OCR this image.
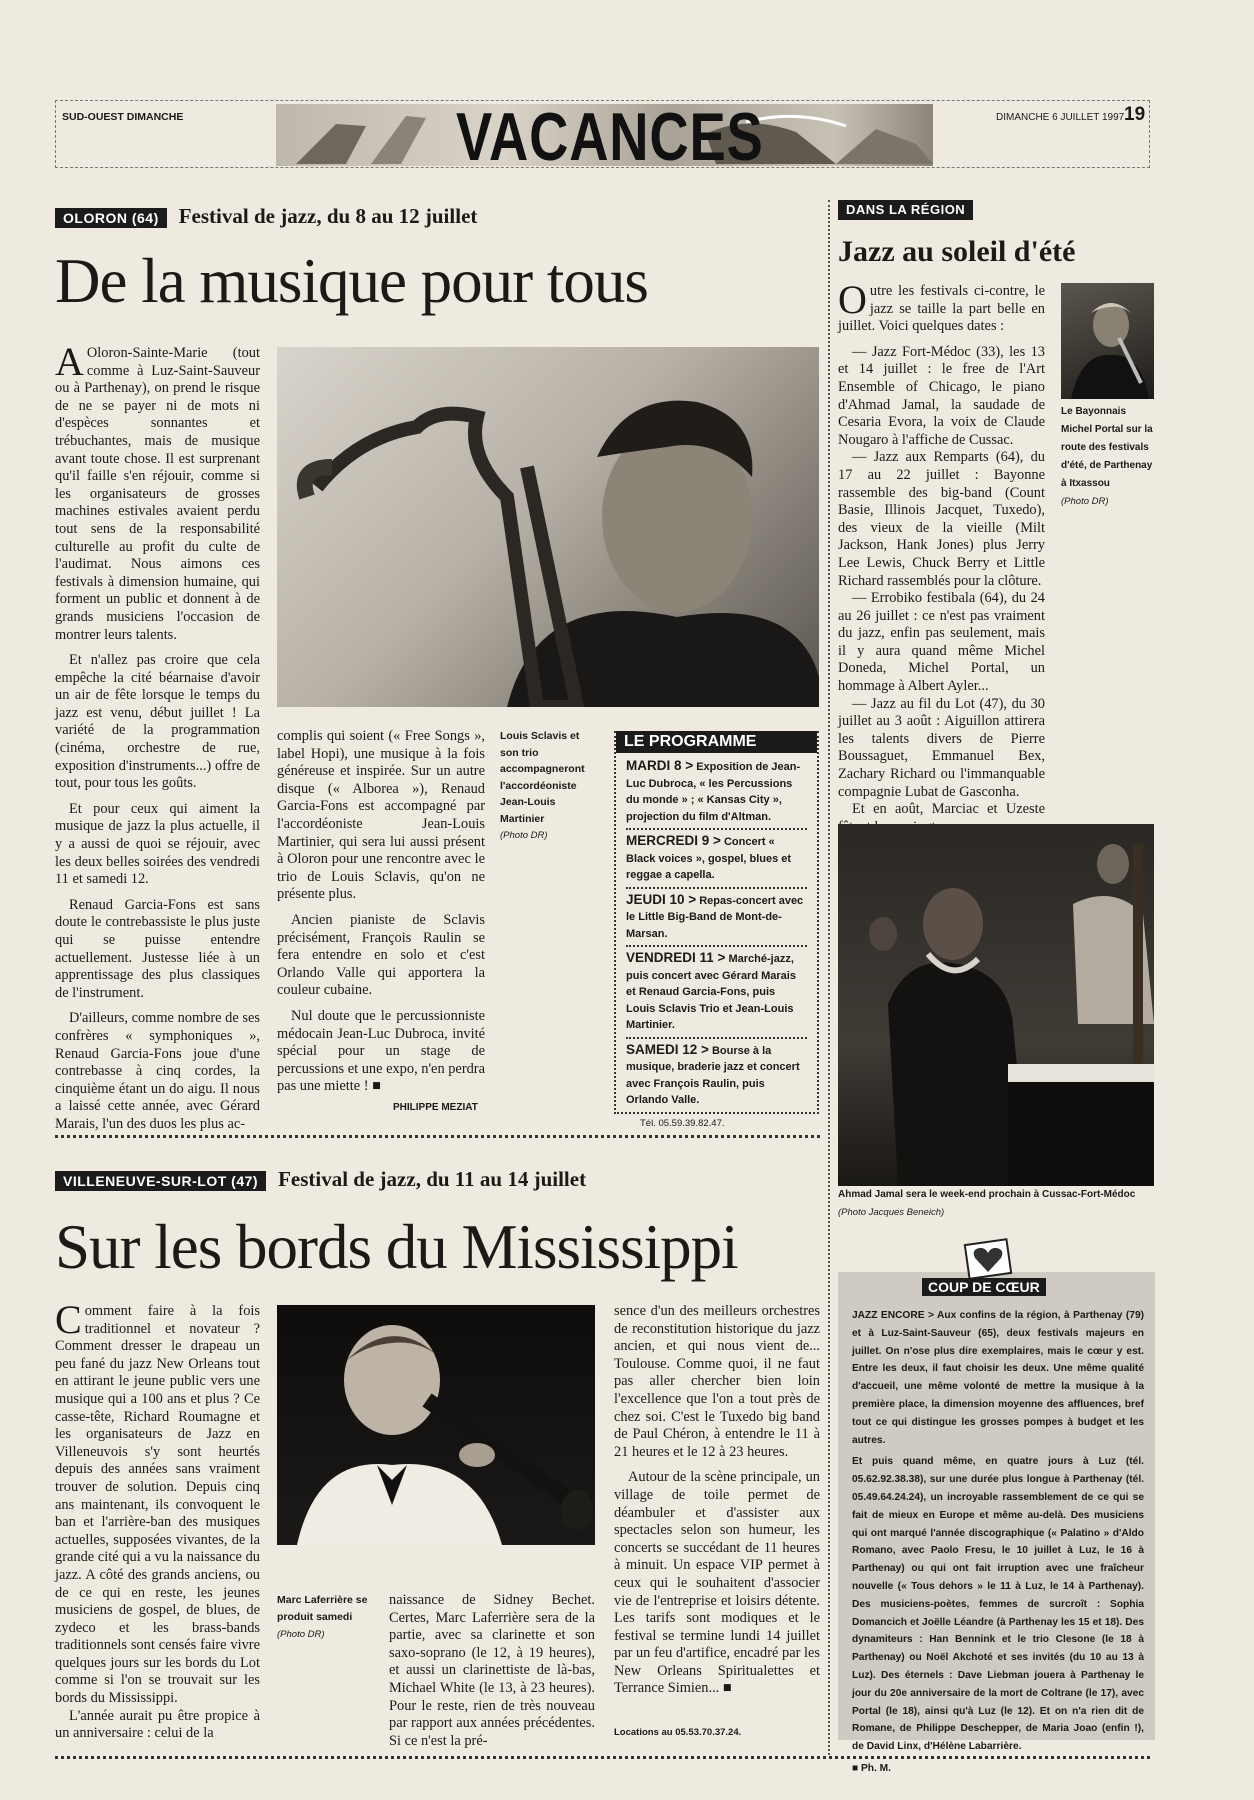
SUD-OUEST DIMANCHE	VACANCES	DIMANCHE 6 JUILLET 1997 19
OLORON (64) Festival de jazz, du 8 au 12 juillet
De la musique pour tous

A Oloron-Sainte-Marie (tout comme à Luz-Saint-Sauveur ou à Parthenay), on prend le risque de ne se payer ni de mots ni d'espèces sonnantes et trébuchantes, mais de musique avant toute chose. Il est surprenant qu'il faille s'en réjouir, comme si les organisateurs de grosses machines estivales avaient perdu tout sens de la responsabilité culturelle au profit du culte de l'audimat. Nous aimons ces festivals à dimension humaine, qui forment un public et donnent à de grands musiciens l'occasion de montrer leurs talents.

Et n'allez pas croire que cela empêche la cité béarnaise d'avoir un air de fête lorsque le temps du jazz est venu, début juillet ! La variété de la programmation (cinéma, orchestre de rue, exposition d'instruments...) offre de tout, pour tous les goûts.

Et pour ceux qui aiment la musique de jazz la plus actuelle, il y a aussi de quoi se réjouir, avec les deux belles soirées des vendredi 11 et samedi 12.

Renaud Garcia-Fons est sans doute le contrebassiste le plus juste qui se puisse entendre actuellement. Justesse liée à un apprentissage des plus classiques de l'instrument.

D'ailleurs, comme nombre de ses confrères « symphoniques », Renaud Garcia-Fons joue d'une contrebasse à cinq cordes, la cinquième étant un do aigu. Il nous a laissé cette année, avec Gérard Marais, l'un des duos les plus ac-

complis qui soient (« Free Songs », label Hopi), une musique à la fois généreuse et inspirée. Sur un autre disque (« Alborea »), Renaud Garcia-Fons est accompagné par l'accordéoniste Jean-Louis Martinier, qui sera lui aussi présent à Oloron pour une rencontre avec le trio de Louis Sclavis, qu'on ne présente plus.

Ancien pianiste de Sclavis précisément, François Raulin se fera entendre en solo et c'est Orlando Valle qui apportera la couleur cubaine.

Nul doute que le percussionniste médocain Jean-Luc Dubroca, invité spécial pour un stage de percussions et une expo, n'en perdra pas une miette ! ■

PHILIPPE MEZIAT
Louis Sclavis et son trio accompagneront l'accordéoniste Jean-Louis Martinier
(Photo DR)
LE PROGRAMME
MARDI 8 > Exposition de Jean-Luc Dubroca, « les Percussions du monde » ; « Kansas City », projection du film d'Altman.
MERCREDI 9 > Concert « Black voices », gospel, blues et reggae a capella.
JEUDI 10 > Repas-concert avec le Little Big-Band de Mont-de-Marsan.
VENDREDI 11 > Marché-jazz, puis concert avec Gérard Marais et Renaud Garcia-Fons, puis Louis Sclavis Trio et Jean-Louis Martinier.
SAMEDI 12 > Bourse à la musique, braderie jazz et concert avec François Raulin, puis Orlando Valle.
Tél. 05.59.39.82.47.
DANS LA RÉGION
Jazz au soleil d'été

Outre les festivals ci-contre, le jazz se taille la part belle en juillet. Voici quelques dates :

— Jazz Fort-Médoc (33), les 13 et 14 juillet : le free de l'Art Ensemble of Chicago, le piano d'Ahmad Jamal, la saudade de Cesaria Evora, la voix de Claude Nougaro à l'affiche de Cussac.

— Jazz aux Remparts (64), du 17 au 22 juillet : Bayonne rassemble des big-band (Count Basie, Illinois Jacquet, Tuxedo), des vieux de la vieille (Milt Jackson, Hank Jones) plus Jerry Lee Lewis, Chuck Berry et Little Richard rassemblés pour la clôture.

— Errobiko festibala (64), du 24 au 26 juillet : ce n'est pas vraiment du jazz, enfin pas seulement, mais il y aura quand même Michel Doneda, Michel Portal, un hommage à Albert Ayler...

— Jazz au fil du Lot (47), du 30 juillet au 3 août : Aiguillon attirera les talents divers de Pierre Boussaguet, Emmanuel Bex, Zachary Richard ou l'immanquable compagnie Lubat de Gasconha.

Et en août, Marciac et Uzeste

Le Bayonnais Michel Portal sur la route des festivals d'été, de Parthenay à Itxassou
(Photo DR)
Ahmad Jamal sera le week-end prochain à Cussac-Fort-Médoc (Photo Jacques Beneich)
VILLENEUVE-SUR-LOT (47) Festival de jazz, du 11 au 14 juillet
Sur les bords du Mississippi

Comment faire à la fois traditionnel et novateur ? Comment dresser le drapeau un peu fané du jazz New Orleans tout en attirant le jeune public vers une musique qui a 100 ans et plus ? Ce casse-tête, Richard Roumagne et les organisateurs de Jazz en Villeneuvois s'y sont heurtés depuis des années sans vraiment trouver de solution. Depuis cinq ans maintenant, ils convoquent le ban et l'arrière-ban des musiques actuelles, supposées vivantes, de la grande cité qui a vu la naissance du jazz. A côté des grands anciens, ou de ce qui en reste, les jeunes musiciens de gospel, de blues, de zydeco et les brass-bands traditionnels sont censés faire vivre quelques jours sur les bords du Lot comme si l'on se trouvait sur les bords du Mississippi.

L'année aurait pu être propice à un anniversaire : celui de la

Marc Laferrière se produit samedi (Photo DR)

naissance de Sidney Bechet. Certes, Marc Laferrière sera de la partie, avec sa clarinette et son saxo-soprano (le 12, à 19 heures), et aussi un clarinettiste de là-bas, Michael White (le 13, à 23 heures). Pour le reste, rien de très nouveau par rapport aux années précédentes. Si ce n'est la pré-

sence d'un des meilleurs orchestres de reconstitution historique du jazz ancien, et qui nous vient de... Toulouse. Comme quoi, il ne faut pas aller chercher bien loin l'excellence que l'on a tout près de chez soi. C'est le Tuxedo big band de Paul Chéron, à entendre le 11 à 21 heures et le 12 à 23 heures.

Autour de la scène principale, un village de toile permet de déambuler et d'assister aux spectacles selon son humeur, les concerts se succédant de 11 heures à minuit. Un espace VIP permet à ceux qui le souhaitent d'associer vie de l'entreprise et loisirs détente. Les tarifs sont modiques et le festival se termine lundi 14 juillet par un feu d'artifice, encadré par les New Orleans Spiritualettes et Terrance Simien... ■

Locations au 05.53.70.37.24.
COUP DE CŒUR

JAZZ ENCORE > Aux confins de la région, à Parthenay (79) et à Luz-Saint-Sauveur (65), deux festivals majeurs en juillet. On n'ose plus dire exemplaires, mais le cœur y est. Entre les deux, il faut choisir les deux. Une même qualité d'accueil, une même volonté de mettre la musique à la première place, la dimension moyenne des affluences, bref tout ce qui distingue les grosses pompes à budget et les autres.

Et puis quand même, en quatre jours à Luz (tél. 05.62.92.38.38), sur une durée plus longue à Parthenay (tél. 05.49.64.24.24), un incroyable rassemblement de ce qui se fait de mieux en Europe et même au-delà. Des musiciens qui ont marqué l'année discographique (« Palatino » d'Aldo Romano, avec Paolo Fresu, le 10 juillet à Luz, le 16 à Parthenay) ou qui ont fait irruption avec une fraîcheur nouvelle (« Tous dehors » le 11 à Luz, le 14 à Parthenay). Des musiciens-poètes, femmes de surcroît : Sophia Domancich et Joëlle Léandre (à Parthenay les 15 et 18). Des dynamiteurs : Han Bennink et le trio Clesone (le 18 à Parthenay) ou Noël Akchoté et ses invités (du 10 au 13 à Luz). Des éternels : Dave Liebman jouera à Parthenay le jour du 20e anniversaire de la mort de Coltrane (le 17), avec Portal (le 18), ainsi qu'à Luz (le 12). Et on n'a rien dit de Romane, de Philippe Deschepper, de Maria Joao (enfin !), de David Linx, d'Hélène Labarrière.

■ Ph. M.
